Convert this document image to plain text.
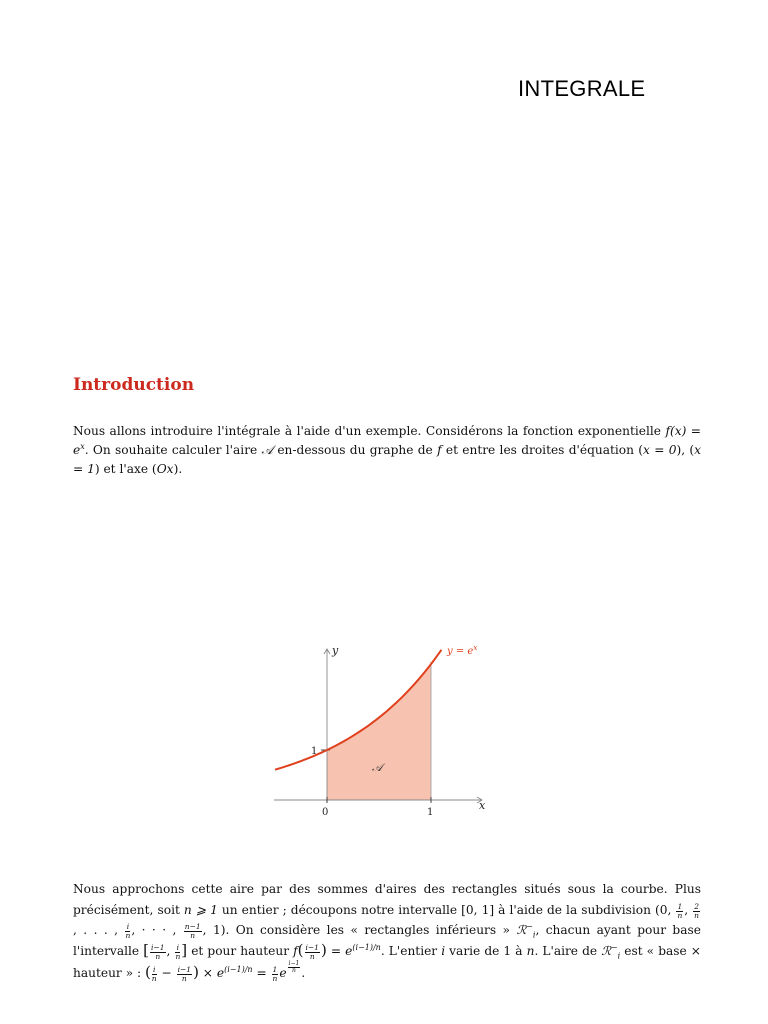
INTEGRALE
Introduction
Nous allons introduire l'intégrale à l'aide d'un exemple. Considérons la fonction exponentielle $f(x) = e^x$. On souhaite calculer l'aire 𝒜 en-dessous du graphe de f et entre les droites d'équation (x = 0), (x = 1) et l'axe (Ox).
y
x
$y = e^x$
𝒜
0	1
1
Nous approchons cette aire par des sommes d'aires des rectangles situés sous la courbe. Plus précisément, soit n ⩾ 1 un entier ; découpons notre intervalle [0, 1] à l'aide de la subdivision (0, $\frac{1}{n}$ , $\frac{2}{n}$
, . . . , $\frac{i}{n}$ , · · · , $\frac{n-1}{n}$ , 1). On considère les « rectangles inférieurs » ℛ−$_i$, chacun ayant pour base l'intervalle [ $\frac{i-1}{n}$ , $\frac{i}{n}$ ] et pour hauteur $f( \frac{i-1}{n}$ ) = $e^{(i-1)/n}$. L'entier i varie de 1 à n. L'aire de ℛ−$_i$ est « base × hauteur » : ( $\frac{i}{n} - \frac{i-1}{n}$ ) × $e^{(i-1)/n} = \frac{1}{n}$ e $^{\frac{i-1}{n}}$ .
